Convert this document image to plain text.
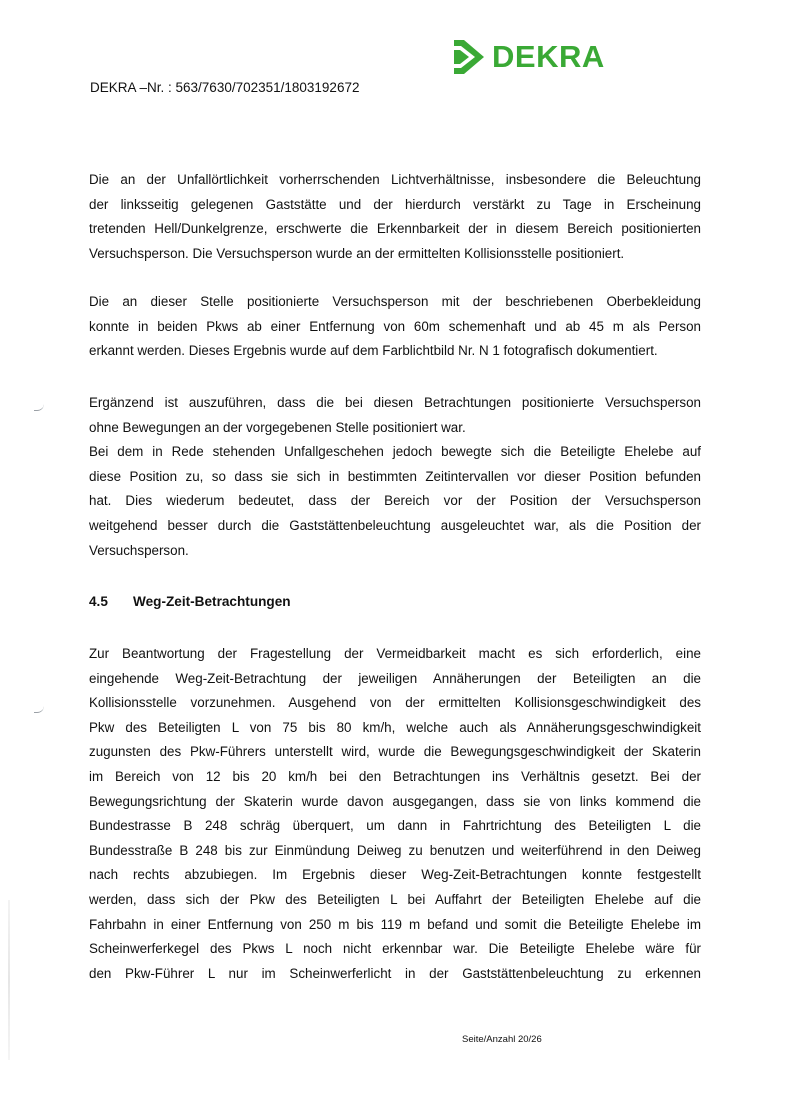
DEKRA
DEKRA –Nr. : 563/7630/702351/1803192672
Die an der Unfallörtlichkeit vorherrschenden Lichtverhältnisse, insbesondere die Beleuchtung
der linksseitig gelegenen Gaststätte und der hierdurch verstärkt zu Tage in Erscheinung
tretenden Hell/Dunkelgrenze, erschwerte die Erkennbarkeit der in diesem Bereich positionierten
Versuchsperson. Die Versuchsperson wurde an der ermittelten Kollisionsstelle positioniert.
Die an dieser Stelle positionierte Versuchsperson mit der beschriebenen Oberbekleidung
konnte in beiden Pkws ab einer Entfernung von 60m schemenhaft und ab 45 m als Person
erkannt werden. Dieses Ergebnis wurde auf dem Farblichtbild Nr. N 1 fotografisch dokumentiert.
Ergänzend ist auszuführen, dass die bei diesen Betrachtungen positionierte Versuchsperson
ohne Bewegungen an der vorgegebenen Stelle positioniert war.
Bei dem in Rede stehenden Unfallgeschehen jedoch bewegte sich die Beteiligte Ehelebe auf
diese Position zu, so dass sie sich in bestimmten Zeitintervallen vor dieser Position befunden
hat. Dies wiederum bedeutet, dass der Bereich vor der Position der Versuchsperson
weitgehend besser durch die Gaststättenbeleuchtung ausgeleuchtet war, als die Position der
Versuchsperson.
4.5	Weg-Zeit-Betrachtungen
Zur Beantwortung der Fragestellung der Vermeidbarkeit macht es sich erforderlich, eine
eingehende Weg-Zeit-Betrachtung der jeweiligen Annäherungen der Beteiligten an die
Kollisionsstelle vorzunehmen. Ausgehend von der ermittelten Kollisionsgeschwindigkeit des
Pkw des Beteiligten L von 75 bis 80 km/h, welche auch als Annäherungsgeschwindigkeit
zugunsten des Pkw-Führers unterstellt wird, wurde die Bewegungsgeschwindigkeit der Skaterin
im Bereich von 12 bis 20 km/h bei den Betrachtungen ins Verhältnis gesetzt. Bei der
Bewegungsrichtung der Skaterin wurde davon ausgegangen, dass sie von links kommend die
Bundestrasse B 248 schräg überquert, um dann in Fahrtrichtung des Beteiligten L die
Bundesstraße B 248 bis zur Einmündung Deiweg zu benutzen und weiterführend in den Deiweg
nach rechts abzubiegen. Im Ergebnis dieser Weg-Zeit-Betrachtungen konnte festgestellt
werden, dass sich der Pkw des Beteiligten L bei Auffahrt der Beteiligten Ehelebe auf die
Fahrbahn in einer Entfernung von 250 m bis 119 m befand und somit die Beteiligte Ehelebe im
Scheinwerferkegel des Pkws L noch nicht erkennbar war. Die Beteiligte Ehelebe wäre für
den Pkw-Führer L nur im Scheinwerferlicht in der Gaststättenbeleuchtung zu erkennen
Seite/Anzahl 20/26
